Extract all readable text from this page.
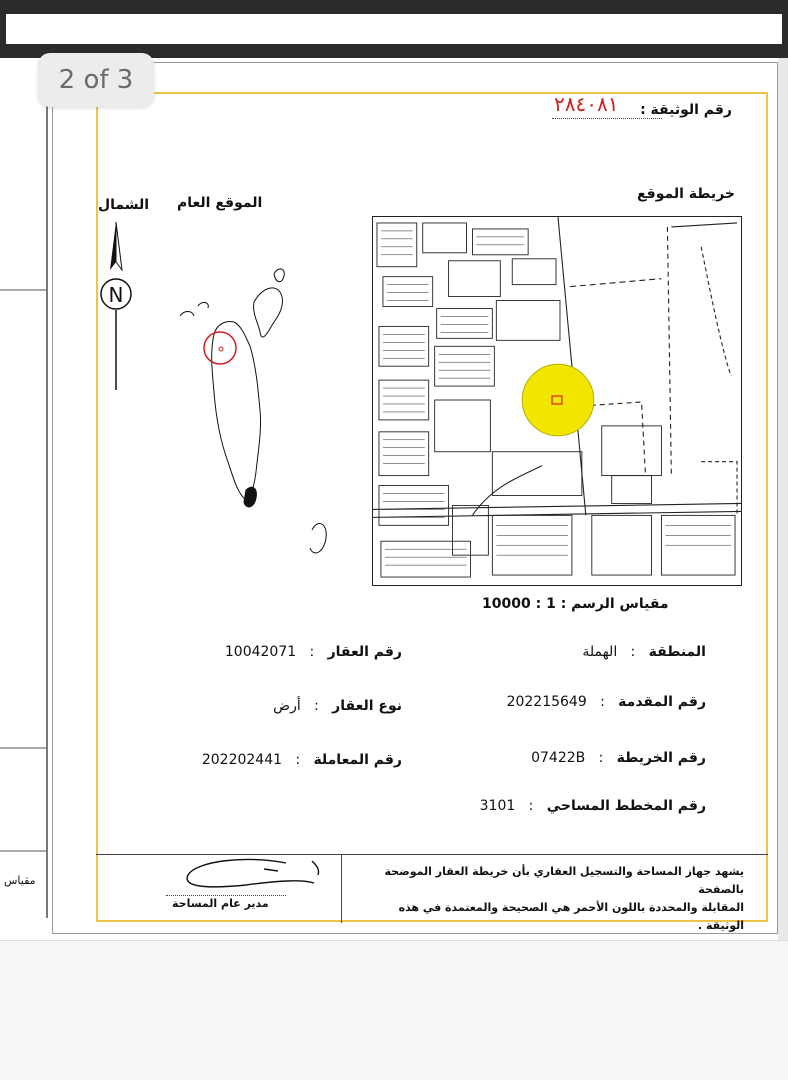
2 of 3
مقياس
رقم الوثيقة :
٢٨٤٠٨١
خريطة الموقع
الموقع العام
الشمال
N
مقياس الرسم : 1 : 10000
المنطقة   :   الهملة
رقم العقار   :   10042071
رقم المقدمة   :   202215649
نوع العقار   :   أرض
رقم الخريطة   :   07422B
رقم المعاملة   :   202202441
رقم المخطط المساحي   :   3101
يشهد جهاز المساحة والتسجيل العقاري بأن خريطة العقار الموضحة بالصفحة
المقابلة والمحددة باللون الأحمر هي الصحيحة والمعتمدة في هذه الوثيقة .
مدير عام المساحة
